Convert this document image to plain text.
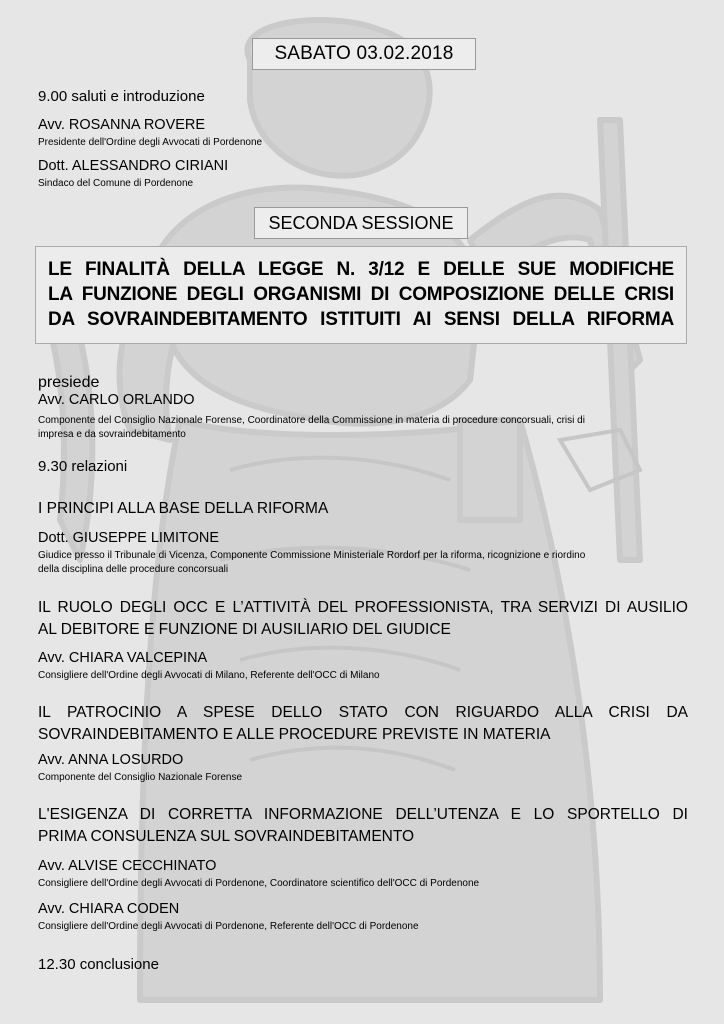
SABATO 03.02.2018
9.00 saluti e introduzione
Avv. ROSANNA ROVERE
Presidente dell'Ordine degli Avvocati di Pordenone
Dott. ALESSANDRO CIRIANI
Sindaco del Comune di Pordenone
SECONDA SESSIONE
LE FINALITÀ DELLA LEGGE N. 3/12 E DELLE SUE MODIFICHE
LA FUNZIONE DEGLI ORGANISMI DI COMPOSIZIONE DELLE CRISI
DA SOVRAINDEBITAMENTO ISTITUITI AI SENSI DELLA RIFORMA
presiede
Avv. CARLO ORLANDO
Componente del Consiglio Nazionale Forense, Coordinatore della Commissione in materia di procedure concorsuali, crisi di
impresa e da sovraindebitamento
9.30 relazioni
I PRINCIPI ALLA BASE DELLA RIFORMA
Dott. GIUSEPPE LIMITONE
Giudice presso il Tribunale di Vicenza, Componente Commissione Ministeriale Rordorf per la riforma, ricognizione e riordino
della disciplina delle procedure concorsuali
IL RUOLO DEGLI OCC E L’ATTIVITÀ DEL PROFESSIONISTA, TRA SERVIZI DI AUSILIO
AL DEBITORE E FUNZIONE DI AUSILIARIO DEL GIUDICE
Avv. CHIARA VALCEPINA
Consigliere dell'Ordine degli Avvocati di Milano, Referente dell'OCC di Milano
IL PATROCINIO A SPESE DELLO STATO CON RIGUARDO ALLA CRISI DA
SOVRAINDEBITAMENTO E ALLE PROCEDURE PREVISTE IN MATERIA
Avv. ANNA LOSURDO
Componente del Consiglio Nazionale Forense
L'ESIGENZA DI CORRETTA INFORMAZIONE DELL’UTENZA E LO SPORTELLO DI
PRIMA CONSULENZA SUL SOVRAINDEBITAMENTO
Avv. ALVISE CECCHINATO
Consigliere dell'Ordine degli Avvocati di Pordenone, Coordinatore scientifico dell'OCC di Pordenone
Avv. CHIARA CODEN
Consigliere dell'Ordine degli Avvocati di Pordenone, Referente dell'OCC di Pordenone
12.30 conclusione
